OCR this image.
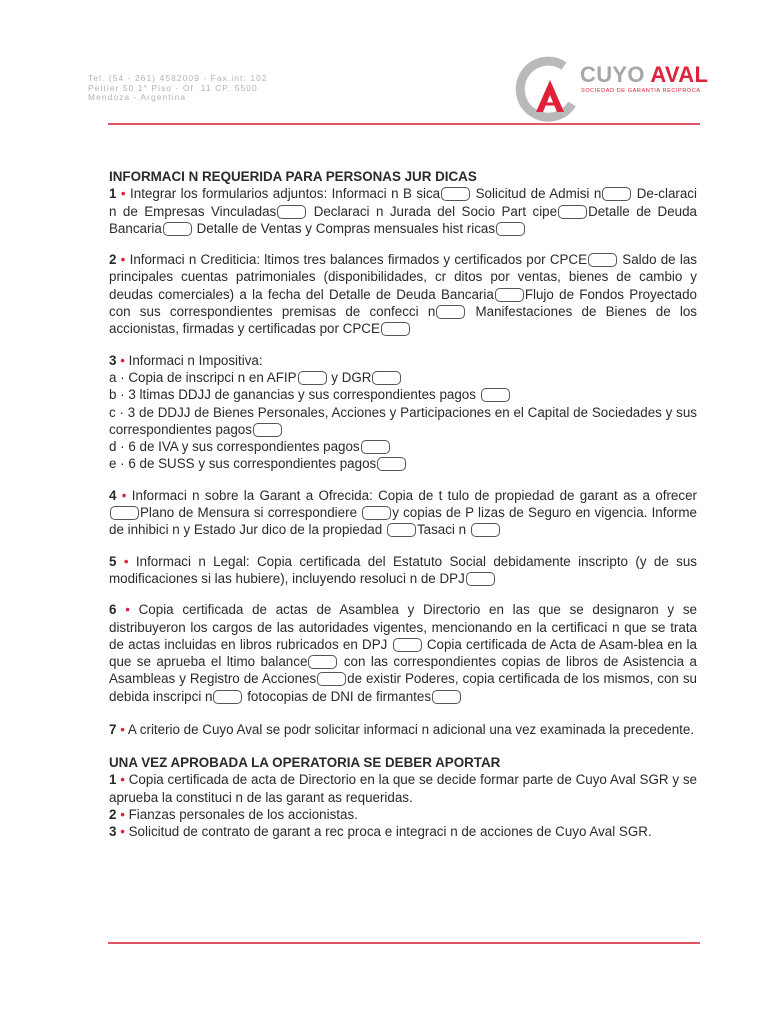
Tel. (54 - 261) 4582009 - Fax.int: 102
Peltier 50 1° Piso - Of. 11 CP. 5500
Mendoza - Argentina
CUYO AVAL
SOCIEDAD DE GARANTIA RECIPROCA

INFORMACI N REQUERIDA PARA PERSONAS JUR DICAS

1 • Integrar los formularios adjuntos: Informaci n B sica	Solicitud de Admisi n	De-claraci n de Empresas Vinculadas	Declaraci n Jurada del Socio Part cipe Detalle de Deuda Bancaria	Detalle de Ventas y Compras mensuales hist ricas

2 • Informaci n Crediticia: ltimos tres balances firmados y certificados por CPCE	Saldo de las principales cuentas patrimoniales (disponibilidades, cr ditos por ventas, bienes de cambio y deudas comerciales) a la fecha del Detalle de Deuda Bancaria Flujo de Fondos Proyectado con sus correspondientes premisas de confecci n	Manifestaciones de Bienes de los accionistas, firmadas y certificadas por CPCE

3 • Informaci n Impositiva:

a · Copia de inscripci n en AFIP	y DGR

b · 3 ltimas DDJJ de ganancias y sus correspondientes pagos

c · 3 de DDJJ de Bienes Personales, Acciones y Participaciones en el Capital de Sociedades y sus correspondientes pagos

d · 6 de IVA y sus correspondientes pagos

e · 6 de SUSS y sus correspondientes pagos

4 • Informaci n sobre la Garant a Ofrecida: Copia de t tulo de propiedad de garant as a ofrecerPlano de Mensura si correspondiere	y copias de P lizas de Seguro en vigencia. Informe de inhibici n y Estado Jur dico de la propiedad	Tasaci n

5 • Informaci n Legal: Copia certificada del Estatuto Social debidamente inscripto (y de sus modificaciones si las hubiere), incluyendo resoluci n de DPJ

6 • Copia certificada de actas de Asamblea y Directorio en las que se designaron y se distribuyeron los cargos de las autoridades vigentes, mencionando en la certificaci n que se trata de actas incluidas en libros rubricados en DPJ	Copia certificada de Acta de Asam-blea en la que se aprueba el ltimo balance	con las correspondientes copias de libros de Asistencia a Asambleas y Registro de Acciones de existir Poderes, copia certificada de los mismos, con su debida inscripci n	fotocopias de DNI de firmantes

7 • A criterio de Cuyo Aval se podr solicitar informaci n adicional una vez examinada la precedente.

UNA VEZ APROBADA LA OPERATORIA SE DEBER APORTAR

1 • Copia certificada de acta de Directorio en la que se decide formar parte de Cuyo Aval SGR y se aprueba la constituci n de las garant as requeridas.

2 • Fianzas personales de los accionistas.

3 • Solicitud de contrato de garant a rec proca e integraci n de acciones de Cuyo Aval SGR.
